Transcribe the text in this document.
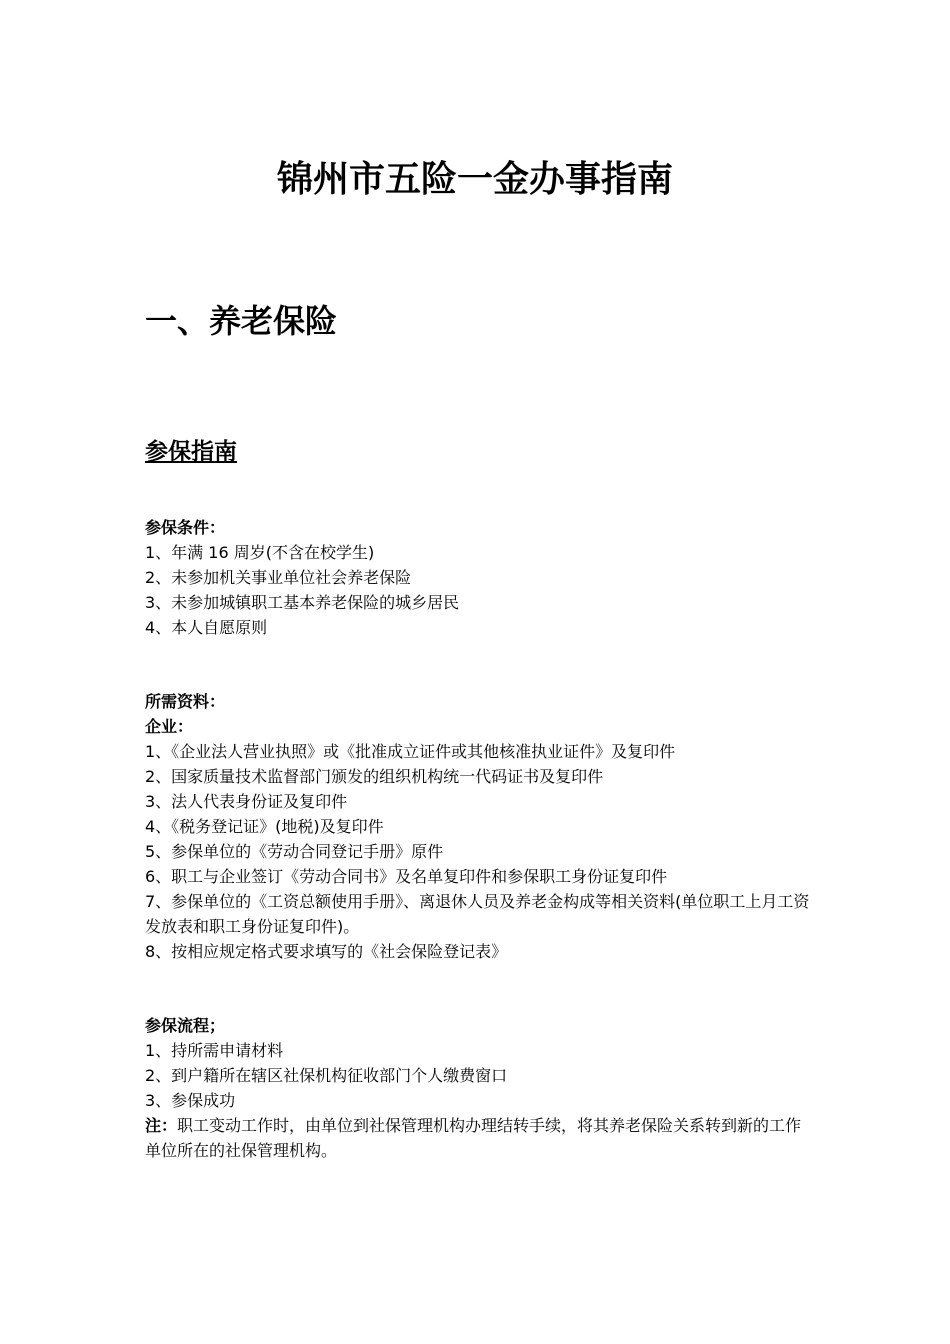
锦州市五险一金办事指南
一、养老保险
参保指南
参保条件：
1、年满 16 周岁(不含在校学生)
2、未参加机关事业单位社会养老保险
3、未参加城镇职工基本养老保险的城乡居民
4、本人自愿原则
所需资料：
企业：
1、《企业法人营业执照》或《批准成立证件或其他核准执业证件》及复印件
2、国家质量技术监督部门颁发的组织机构统一代码证书及复印件
3、法人代表身份证及复印件
4、《税务登记证》(地税)及复印件
5、参保单位的《劳动合同登记手册》原件
6、职工与企业签订《劳动合同书》及名单复印件和参保职工身份证复印件
7、参保单位的《工资总额使用手册》、离退休人员及养老金构成等相关资料(单位职工上月工资发放表和职工身份证复印件)。
8、按相应规定格式要求填写的《社会保险登记表》
参保流程；
1、持所需申请材料
2、到户籍所在辖区社保机构征收部门个人缴费窗口
3、参保成功
注：职工变动工作时，由单位到社保管理机构办理结转手续，将其养老保险关系转到新的工作单位所在的社保管理机构。
